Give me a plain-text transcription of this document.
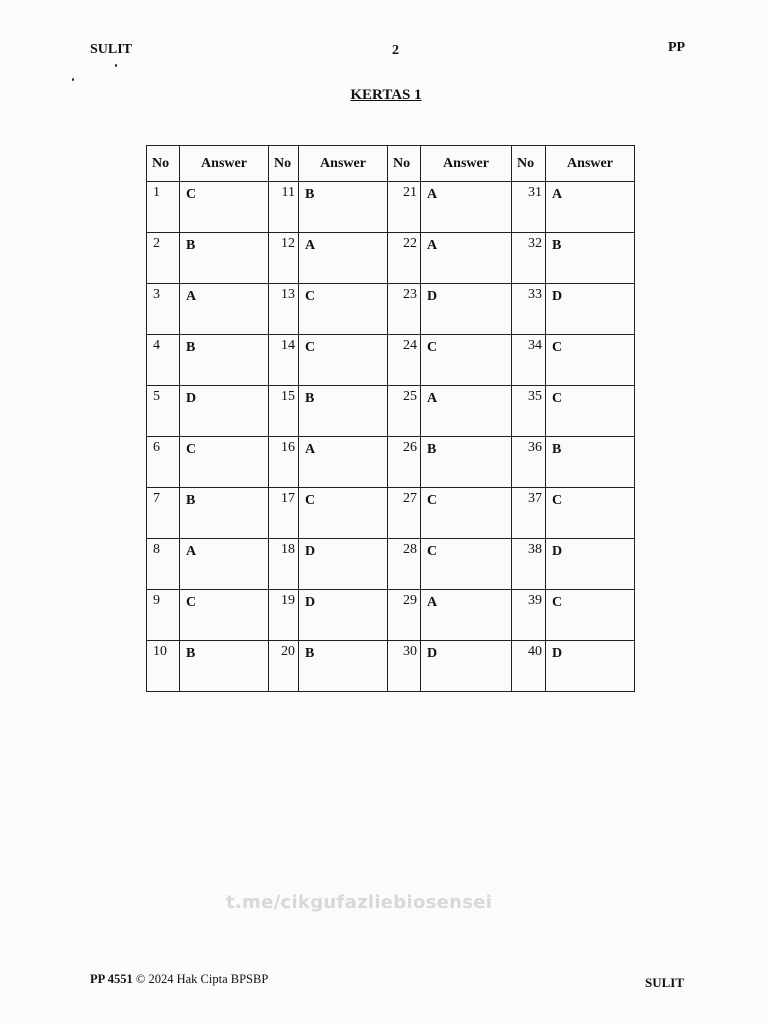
SULIT	2	PP
KERTAS 1
No	Answer	No	Answer	No	Answer	No	Answer
1	C	11	B	21	A	31	A
2	B	12	A	22	A	32	B
3	A	13	C	23	D	33	D
4	B	14	C	24	C	34	C
5	D	15	B	25	A	35	C
6	C	16	A	26	B	36	B
7	B	17	C	27	C	37	C
8	A	18	D	28	C	38	D
9	C	19	D	29	A	39	C
10	B	20	B	30	D	40	D
t.me/cikgufazliebiosensei
PP 4551 © 2024 Hak Cipta BPSBP	SULIT
